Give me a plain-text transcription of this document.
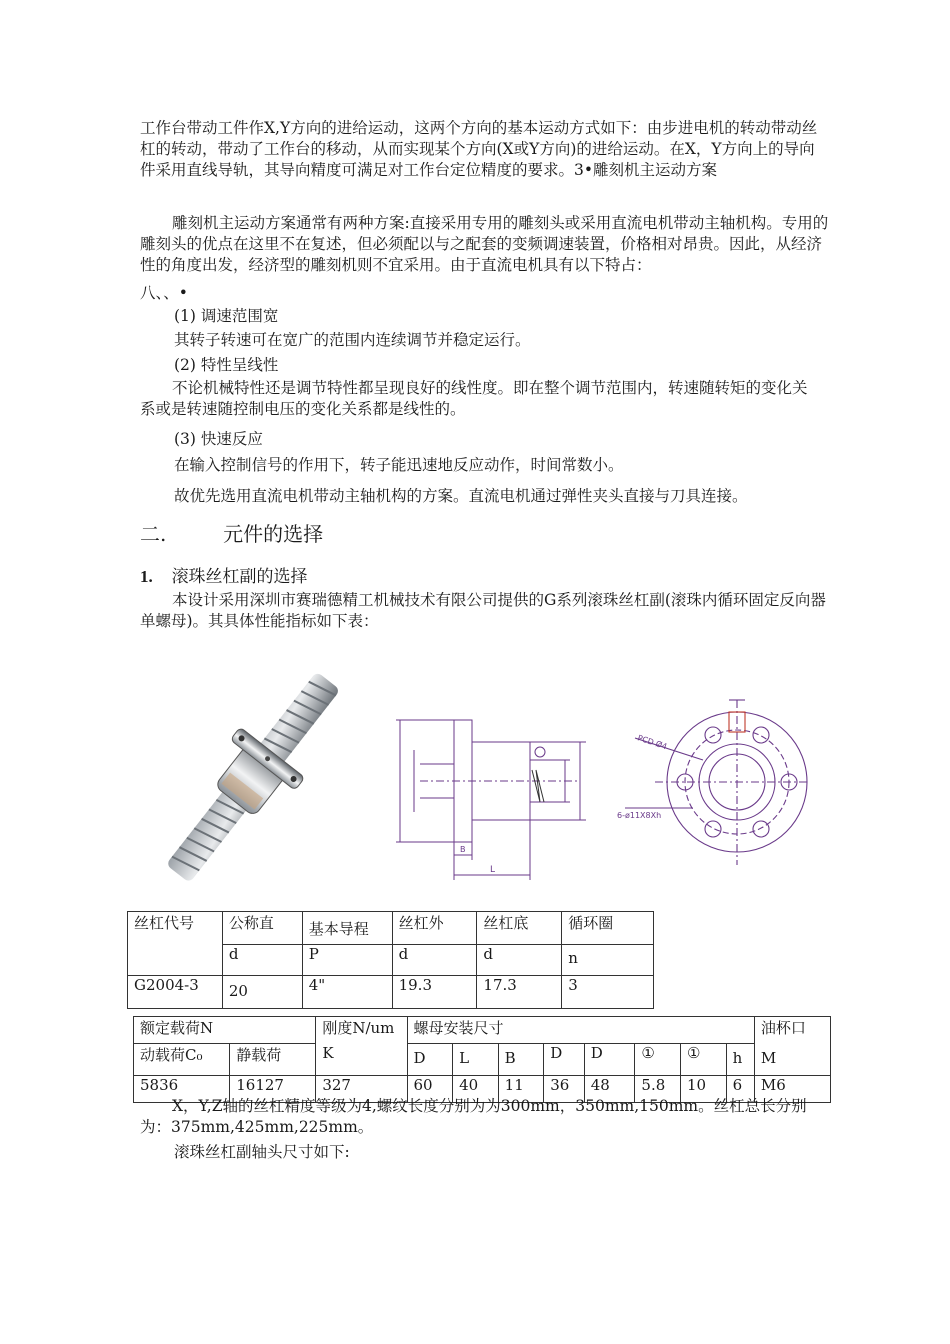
工作台带动工件作X,Y方向的进给运动，这两个方向的基本运动方式如下：由步进电机的转动带动丝杠的转动，带动了工作台的移动，从而实现某个方向(X或Y方向)的进给运动。在X，Y方向上的导向件采用直线导轨，其导向精度可满足对工作台定位精度的要求。3•雕刻机主运动方案

雕刻机主运动方案通常有两种方案:直接采用专用的雕刻头或采用直流电机带动主轴机构。专用的雕刻头的优点在这里不在复述，但必须配以与之配套的变频调速装置，价格相对昂贵。因此，从经济性的角度出发，经济型的雕刻机则不宜采用。由于直流电机具有以下特占：

八、、•

(1) 调速范围宽

其转子转速可在宽广的范围内连续调节并稳定运行。

(2) 特性呈线性

不论机械特性还是调节特性都呈现良好的线性度。即在整个调节范围内，转速随转矩的变化关系或是转速随控制电压的变化关系都是线性的。

(3) 快速反应

在输入控制信号的作用下，转子能迅速地反应动作，时间常数小。

故优先选用直流电机带动主轴机构的方案。直流电机通过弹性夹头直接与刀具连接。

二.	元件的选择
1. 滚珠丝杠副的选择

本设计采用深圳市赛瑞德精工机械技术有限公司提供的G系列滚珠丝杠副(滚珠内循环固定反向器单螺母)。其具体性能指标如下表：

L
B
PCD Ø4
6-ø11X8Xh
丝杠代号	公称直	基本导程	丝杠外	丝杠底	循环圈
	d	P	d	d	n
G2004-3	20	4"	19.3	17.3	3
额定载荷N		刚度N/um	螺母安装尺寸								油杯口
动载荷C₀	静载荷	K	D	L	B	D	D	①	①	h	M
5836	16127	327	60	40	11	36	48	5.8	10	6	M6

X，Y,Z轴的丝杠精度等级为4,螺纹长度分别为为300mm，350mm,150mm。丝杠总长分别为：375mm,425mm,225mm。

滚珠丝杠副轴头尺寸如下:
